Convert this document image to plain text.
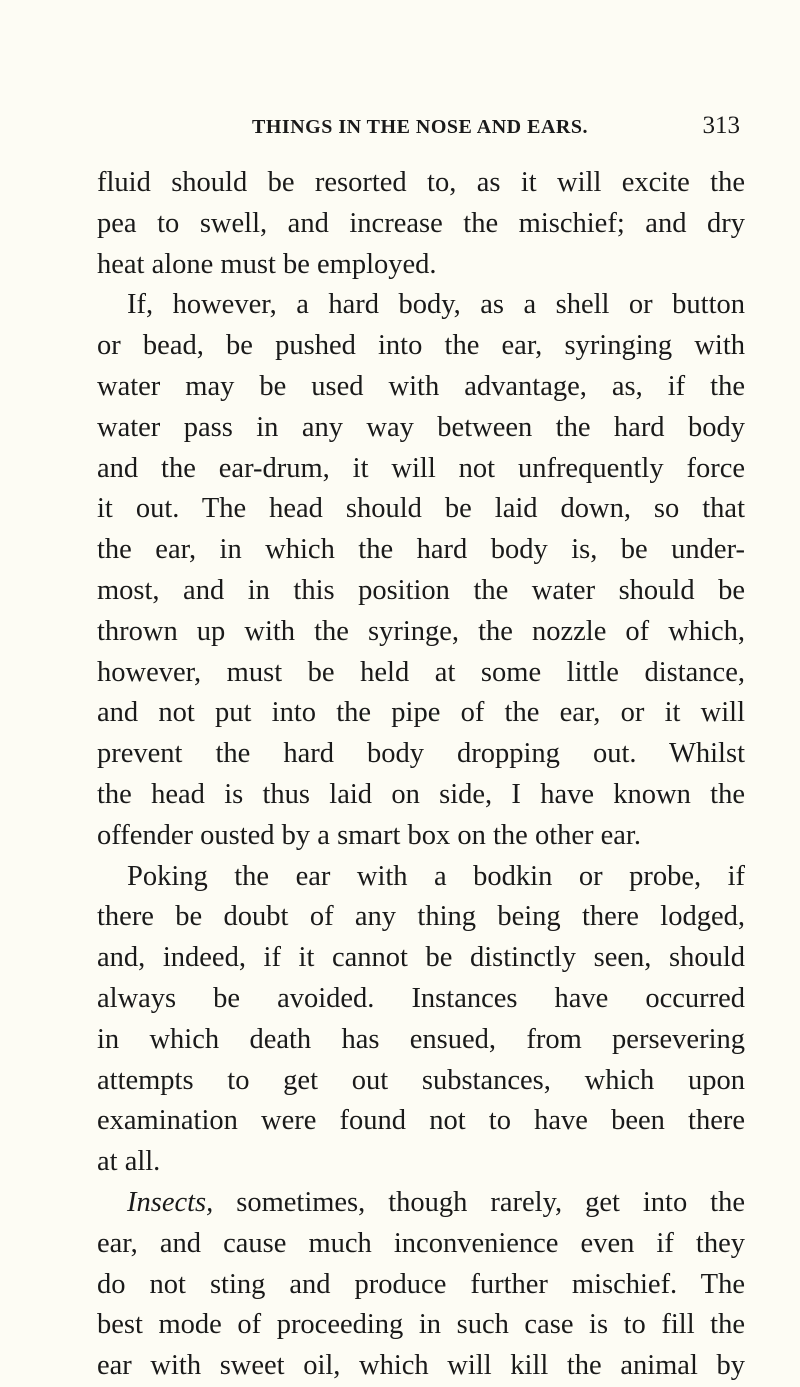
THINGS IN THE NOSE AND EARS.	313
fluid should be resorted to, as it will excite the
pea to swell, and increase the mischief; and dry
heat alone must be employed.
If, however, a hard body, as a shell or button
or bead, be pushed into the ear, syringing with
water may be used with advantage, as, if the
water pass in any way between the hard body
and the ear-drum, it will not unfrequently force
it out. The head should be laid down, so that
the ear, in which the hard body is, be under-
most, and in this position the water should be
thrown up with the syringe, the nozzle of which,
however, must be held at some little distance,
and not put into the pipe of the ear, or it will
prevent the hard body dropping out. Whilst
the head is thus laid on side, I have known the
offender ousted by a smart box on the other ear.
Poking the ear with a bodkin or probe, if
there be doubt of any thing being there lodged,
and, indeed, if it cannot be distinctly seen, should
always be avoided. Instances have occurred
in which death has ensued, from persevering
attempts to get out substances, which upon
examination were found not to have been there
at all.
Insects, sometimes, though rarely, get into the
ear, and cause much inconvenience even if they
do not sting and produce further mischief. The
best mode of proceeding in such case is to fill the
ear with sweet oil, which will kill the animal by
